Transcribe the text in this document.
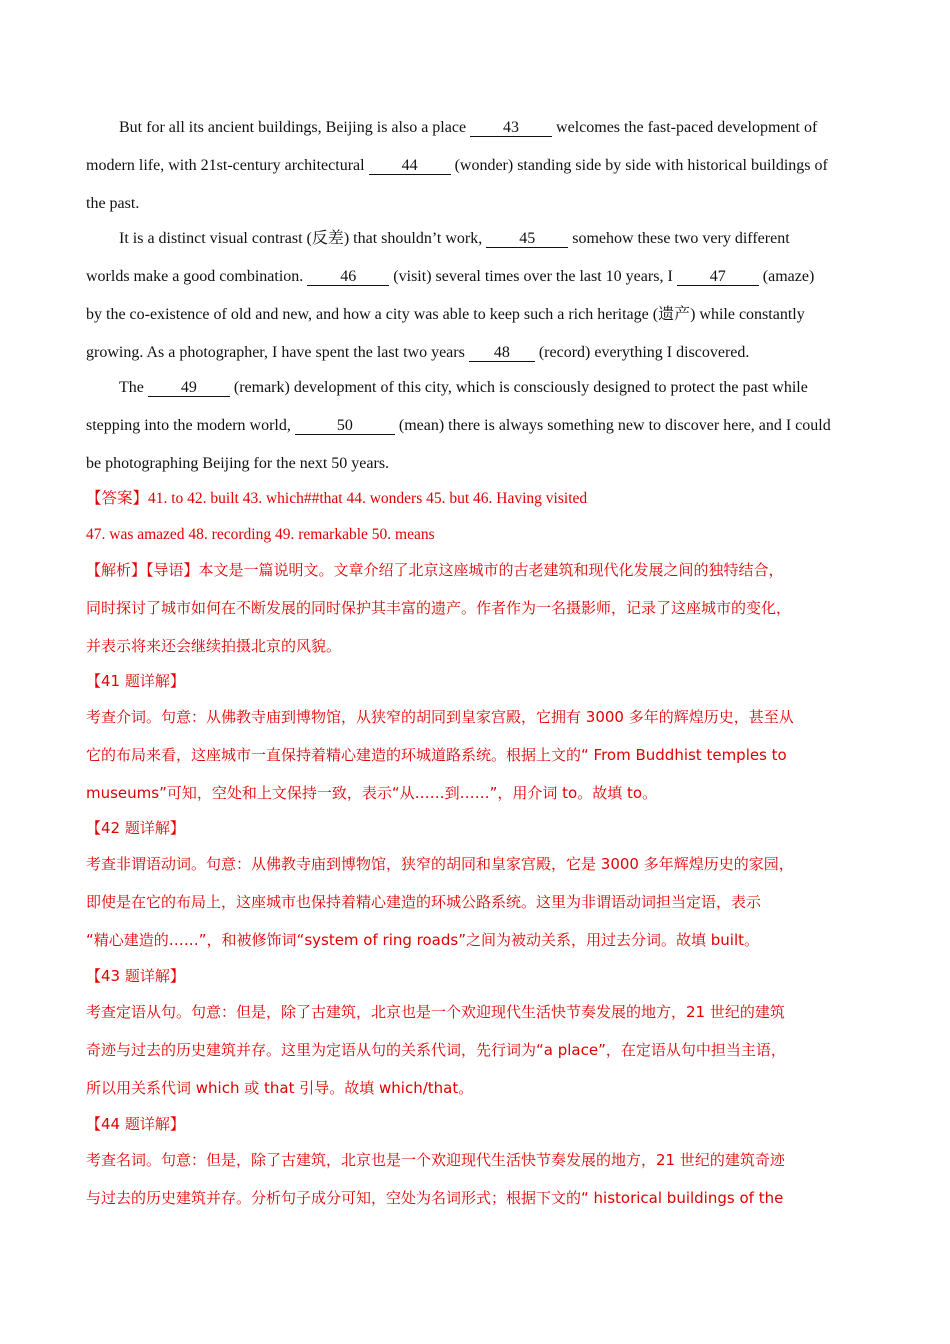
But for all its ancient buildings, Beijing is also a place 43 welcomes the fast-paced development of
modern life, with 21st-century architectural 44 (wonder) standing side by side with historical buildings of
the past.
It is a distinct visual contrast (反差) that shouldn’t work, 45 somehow these two very different
worlds make a good combination. 46 (visit) several times over the last 10 years, I 47 (amaze)
by the co-existence of old and new, and how a city was able to keep such a rich heritage (遗产) while constantly
growing. As a photographer, I have spent the last two years 48 (record) everything I discovered.
The 49 (remark) development of this city, which is consciously designed to protect the past while
stepping into the modern world,	50	(mean) there is always something new to discover here, and I could
be photographing Beijing for the next 50 years.
【答案】41. to 42. built 43. which##that 44. wonders 45. but 46. Having visited
47. was amazed 48. recording 49. remarkable 50. means
【解析】【导语】本文是一篇说明文。文章介绍了北京这座城市的古老建筑和现代化发展之间的独特结合，
同时探讨了城市如何在不断发展的同时保护其丰富的遗产。作者作为一名摄影师，记录了这座城市的变化，
并表示将来还会继续拍摄北京的风貌。
【41 题详解】
考查介词。句意：从佛教寺庙到博物馆，从狭窄的胡同到皇家宫殿，它拥有 3000 多年的辉煌历史，甚至从
它的布局来看，这座城市一直保持着精心建造的环城道路系统。根据上文的“ From Buddhist temples to
museums”可知，空处和上文保持一致，表示“从……到……”，用介词 to。故填 to。
【42 题详解】
考查非谓语动词。句意：从佛教寺庙到博物馆，狭窄的胡同和皇家宫殿，它是 3000 多年辉煌历史的家园，
即使是在它的布局上，这座城市也保持着精心建造的环城公路系统。这里为非谓语动词担当定语，表示
“精心建造的……”，和被修饰词“system of ring roads”之间为被动关系，用过去分词。故填 built。
【43 题详解】
考查定语从句。句意：但是，除了古建筑，北京也是一个欢迎现代生活快节奏发展的地方，21 世纪的建筑
奇迹与过去的历史建筑并存。这里为定语从句的关系代词，先行词为“a place”，在定语从句中担当主语，
所以用关系代词 which 或 that 引导。故填 which/that。
【44 题详解】
考查名词。句意：但是，除了古建筑，北京也是一个欢迎现代生活快节奏发展的地方，21 世纪的建筑奇迹
与过去的历史建筑并存。分析句子成分可知，空处为名词形式；根据下文的“ historical buildings of the
